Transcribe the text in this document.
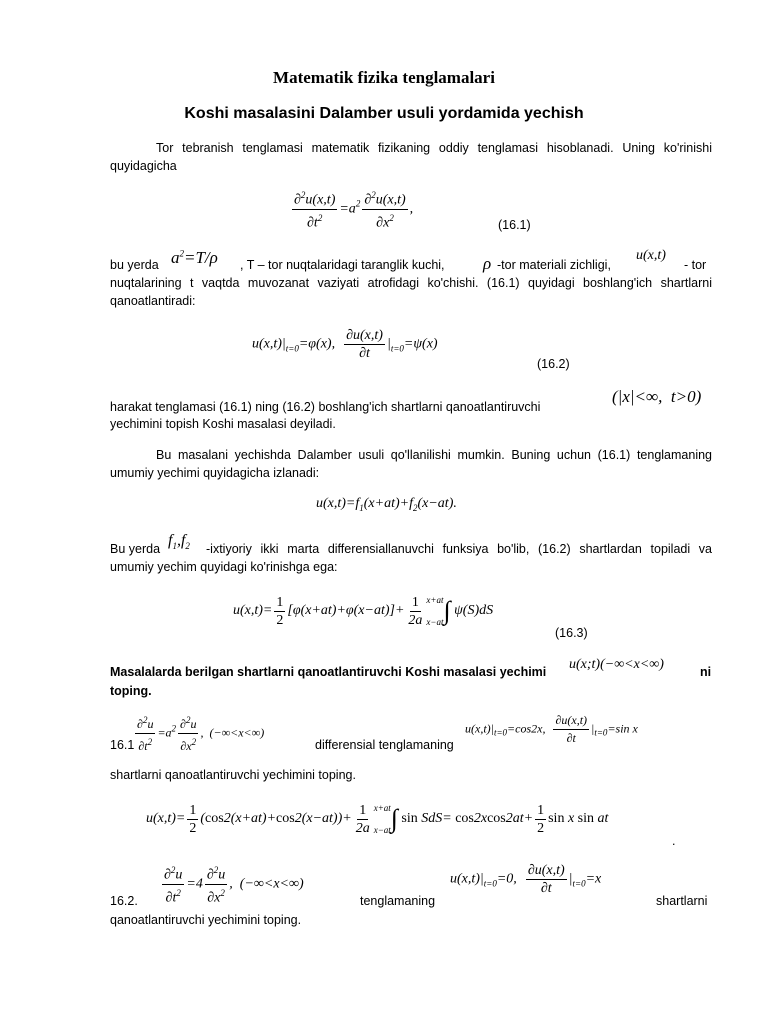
Matematik fizika tenglamalari
Koshi masalasini Dalamber usuli yordamida yechish
Tor tebranish tenglamasi matematik fizikaning oddiy tenglamasi hisoblanadi. Uning ko'rinishi quyidagicha
$\frac{\partial^2u(x,t)}{\partial t^2} =a^2 \frac{\partial^2u(x,t)}{\partial x^2}$ ,
(16.1)
bu yerda $a^2=T/\rho$ , T – tor nuqtalaridagi taranglik kuchi, ρ -tor materiali zichligi,
u(x,t)
- tor
nuqtalarining t vaqtda muvozanat vaziyati atrofidagi ko'chishi. (16.1) quyidagi boshlang'ich shartlarni qanoatlantiradi:
$u(x,t)|_{t=0}=\varphi(x)$, $\frac{\partial u(x,t)}{\partial t} |_{t=0}=\psi(x)$
(16.2)
harakat tenglamasi (16.1) ning (16.2) boshlang'ich shartlarni qanoatlantiruvchi
(|x|<∞,  t>0)
yechimini topish Koshi masalasi deyiladi.
Bu masalani yechishda Dalamber usuli qo'llanilishi mumkin. Buning uchun (16.1) tenglamaning umumiy yechimi quyidagicha izlanadi:
$u(x,t)=f_1(x+at)+f_2(x-at)$.
Bu yerda $f_1,f_2$ -ixtiyoriy ikki marta differensiallanuvchi funksiya bo'lib, (16.2) shartlardan topiladi va
umumiy yechim quyidagi ko'rinishga ega:
$u(x,t)= \frac{1}{2} [\varphi(x+at)+\varphi(x-at)]+ \frac{1}{2a} x+at$
x−at ∫ ψ(S)dS
(16.3)
Masalalarda berilgan shartlarni qanoatlantiruvchi Koshi masalasi yechimi u(x;t)(−∞<x<∞)	ni
toping.
$16.1 \frac{\partial^2u}{\partial t^2} =a^2 \frac{\partial^2u}{\partial x^2}$ ,  (−∞<x<∞)
differensial tenglamaning
$u(x,t)|_{t=0}=\cos 2x$, $\frac{\partial u(x,t)}{\partial t} |_{t=0}=\sin$ x
shartlarni qanoatlantiruvchi yechimini toping.
$u(x,t)= \frac{1}{2} (\cos 2(x+at)+\cos 2(x-at))+ \frac{1}{2a} x+at$
x−at ∫ $\sin SdS= \cos 2xcos2at+ \frac{1}{2}$ sin x sin at
.
16.2. $\frac{\partial^2u}{\partial t^2} =4 \frac{\partial^2u}{\partial x^2}$ ,  (−∞<x<∞)
tenglamaning
$u(x,t)|_{t=0}=0$, $\frac{\partial u(x,t)}{\partial t} |_{t=0}=x$
shartlarni
qanoatlantiruvchi yechimini toping.
